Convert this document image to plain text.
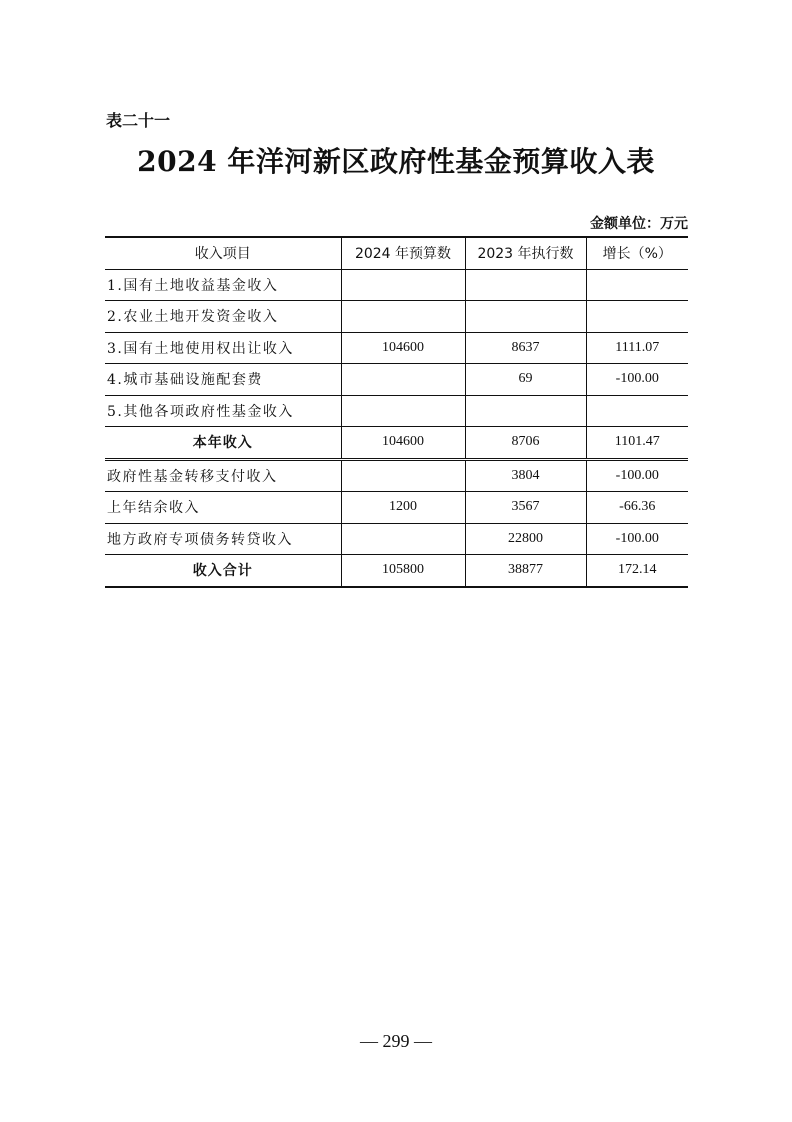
表二十一
2024 年洋河新区政府性基金预算收入表
金额单位：万元
收入项目	2024 年预算数	2023 年执行数	增长（%）
1.国有土地收益基金收入			
2.农业土地开发资金收入			
3.国有土地使用权出让收入	104600	8637	1111.07
4.城市基础设施配套费		69	-100.00
5.其他各项政府性基金收入			
本年收入	104600	8706	1101.47
政府性基金转移支付收入		3804	-100.00
上年结余收入	1200	3567	-66.36
地方政府专项债务转贷收入		22800	-100.00
收入合计	105800	38877	172.14
— 299 —
